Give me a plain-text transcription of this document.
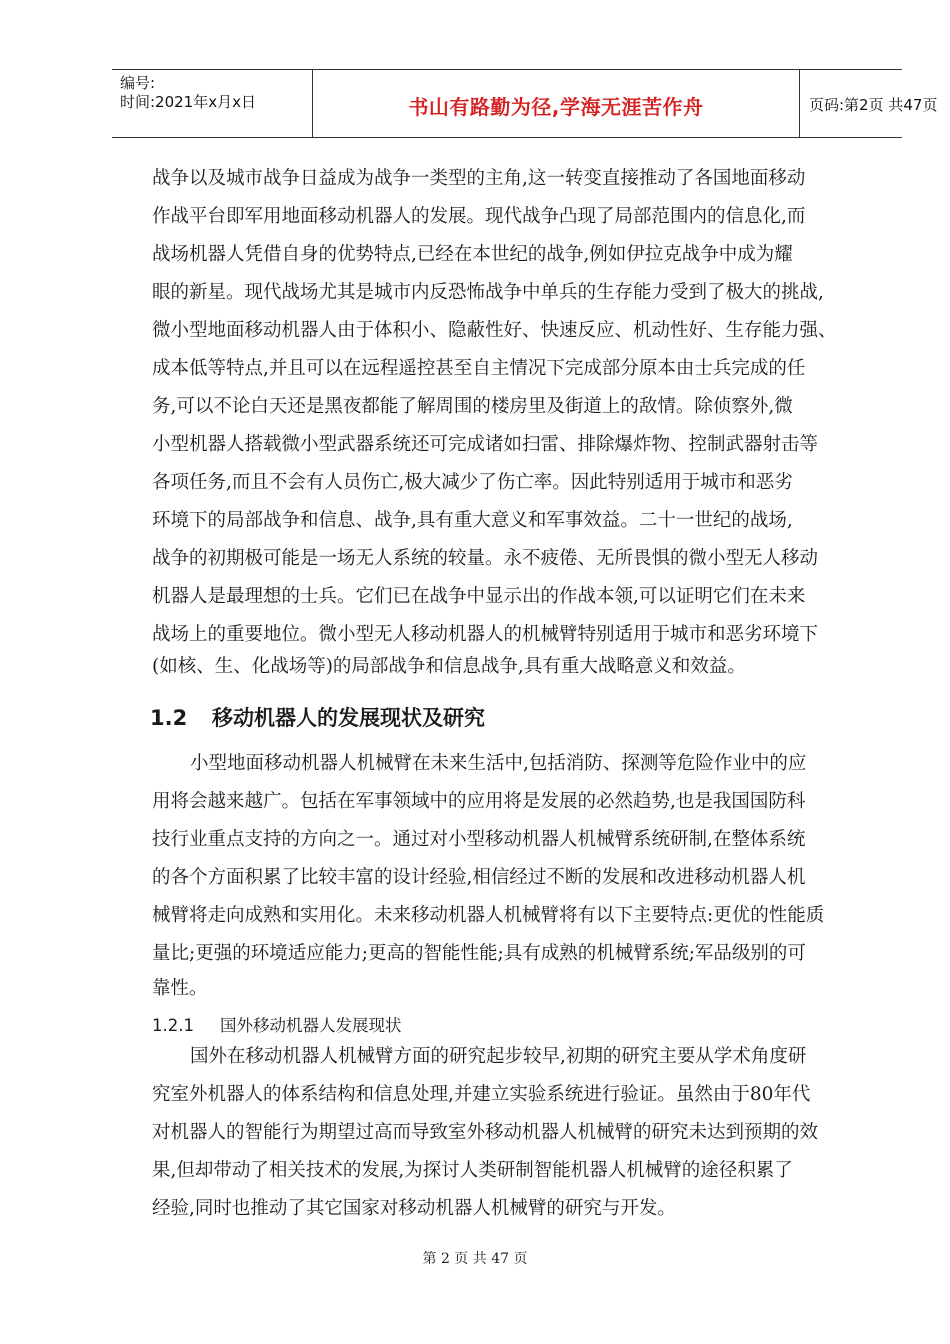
编号:
时间:2021年x月x日	书山有路勤为径,学海无涯苦作舟	页码:第2页 共47页
战争以及城市战争日益成为战争一类型的主角,这一转变直接推动了各国地面移动
作战平台即军用地面移动机器人的发展。现代战争凸现了局部范围内的信息化,而
战场机器人凭借自身的优势特点,已经在本世纪的战争,例如伊拉克战争中成为耀
眼的新星。现代战场尤其是城市内反恐怖战争中单兵的生存能力受到了极大的挑战,
微小型地面移动机器人由于体积小、隐蔽性好、快速反应、机动性好、生存能力强、
成本低等特点,并且可以在远程遥控甚至自主情况下完成部分原本由士兵完成的任
务,可以不论白天还是黑夜都能了解周围的楼房里及街道上的敌情。除侦察外,微
小型机器人搭载微小型武器系统还可完成诸如扫雷、排除爆炸物、控制武器射击等
各项任务,而且不会有人员伤亡,极大减少了伤亡率。因此特别适用于城市和恶劣
环境下的局部战争和信息、战争,具有重大意义和军事效益。二十一世纪的战场,
战争的初期极可能是一场无人系统的较量。永不疲倦、无所畏惧的微小型无人移动
机器人是最理想的士兵。它们已在战争中显示出的作战本领,可以证明它们在未来
战场上的重要地位。微小型无人移动机器人的机械臂特别适用于城市和恶劣环境下
(如核、生、化战场等)的局部战争和信息战争,具有重大战略意义和效益。
1.2 移动机器人的发展现状及研究
小型地面移动机器人机械臂在未来生活中,包括消防、探测等危险作业中的应
用将会越来越广。包括在军事领域中的应用将是发展的必然趋势,也是我国国防科
技行业重点支持的方向之一。通过对小型移动机器人机械臂系统研制,在整体系统
的各个方面积累了比较丰富的设计经验,相信经过不断的发展和改进移动机器人机
械臂将走向成熟和实用化。未来移动机器人机械臂将有以下主要特点:更优的性能质
量比;更强的环境适应能力;更高的智能性能;具有成熟的机械臂系统;军品级别的可
靠性。
1.2.1 国外移动机器人发展现状
国外在移动机器人机械臂方面的研究起步较早,初期的研究主要从学术角度研
究室外机器人的体系结构和信息处理,并建立实验系统进行验证。虽然由于80年代
对机器人的智能行为期望过高而导致室外移动机器人机械臂的研究未达到预期的效
果,但却带动了相关技术的发展,为探讨人类研制智能机器人机械臂的途径积累了
经验,同时也推动了其它国家对移动机器人机械臂的研究与开发。
第 2 页 共 47 页
